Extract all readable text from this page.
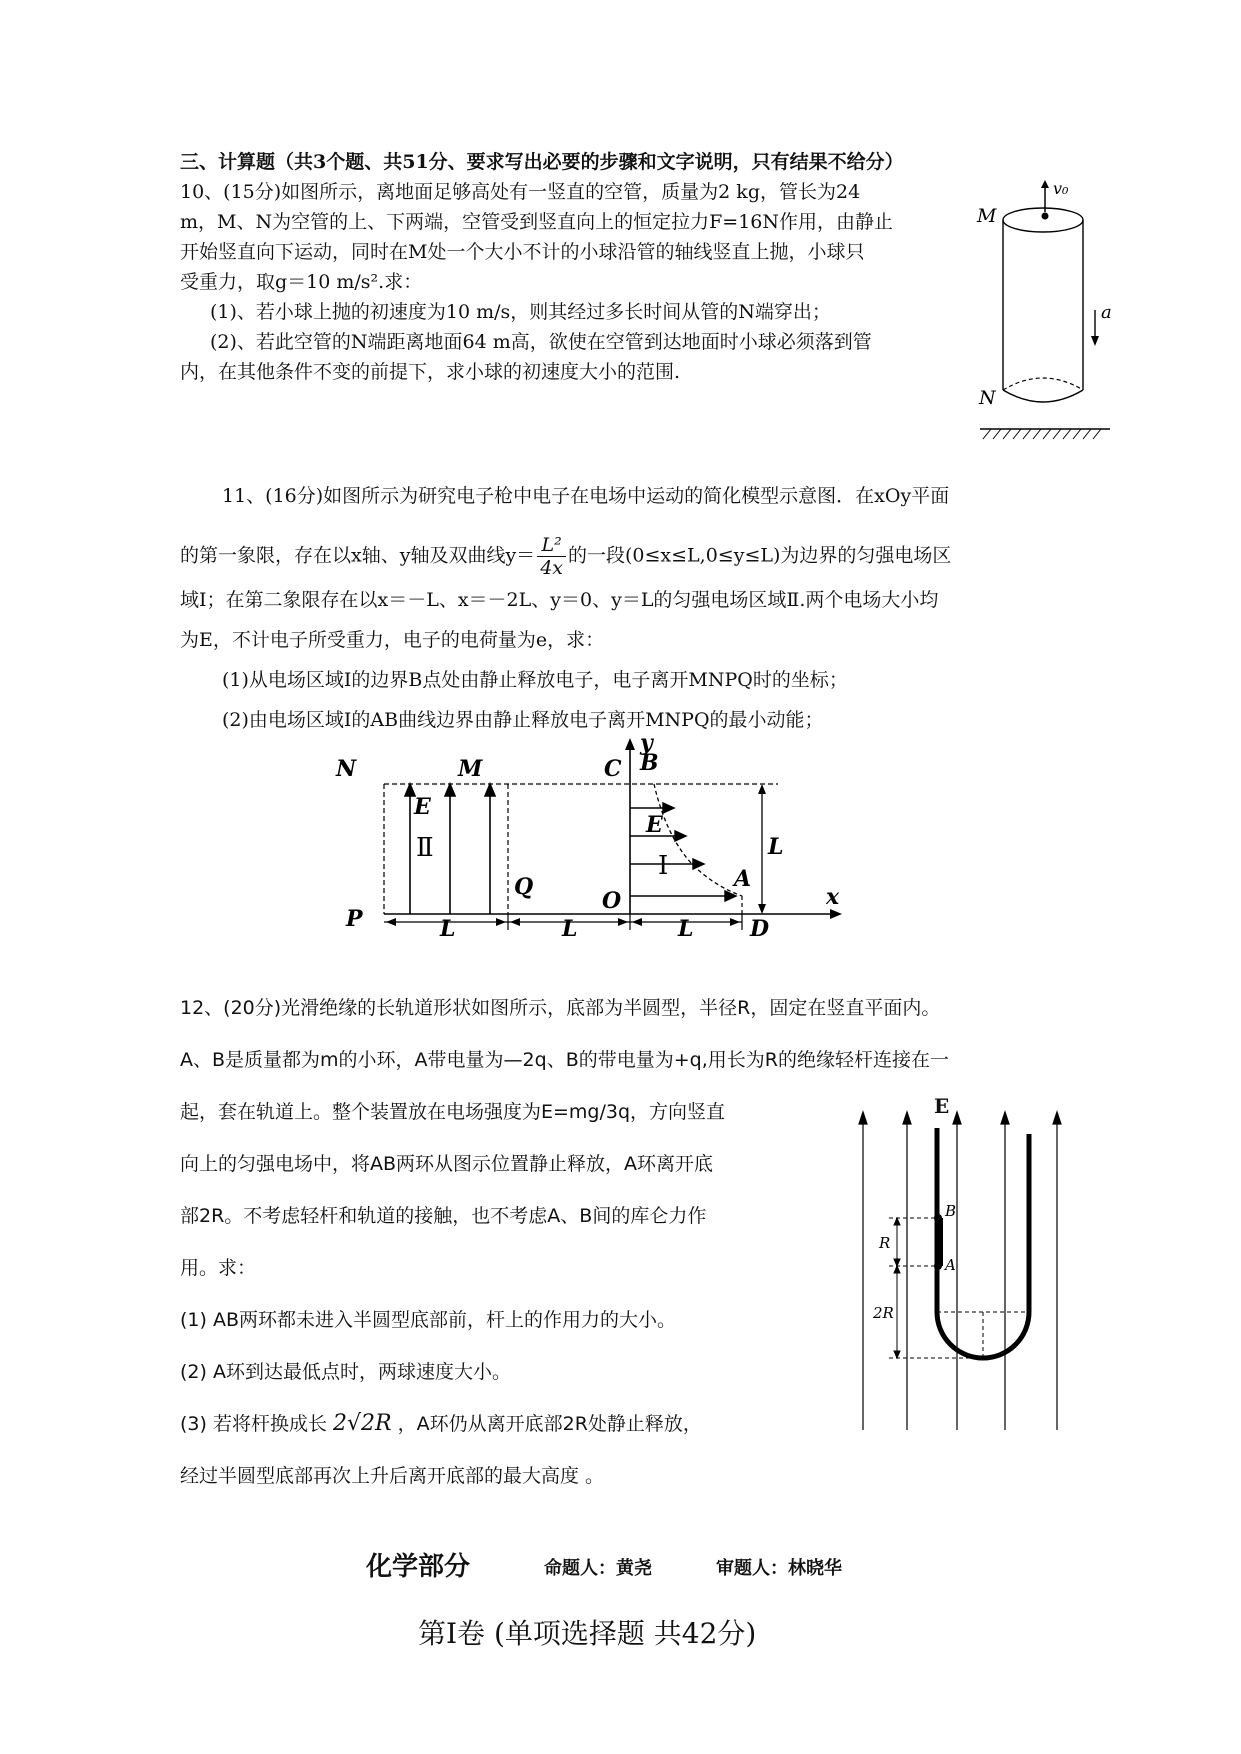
三、计算题（共3个题、共51分、要求写出必要的步骤和文字说明，只有结果不给分）
10、(15分)如图所示，离地面足够高处有一竖直的空管，质量为2 kg，管长为24
m，M、N为空管的上、下两端，空管受到竖直向上的恒定拉力F=16N作用，由静止
开始竖直向下运动，同时在M处一个大小不计的小球沿管的轴线竖直上抛，小球只
受重力，取g＝10 m/s².求：
(1)、若小球上抛的初速度为10 m/s，则其经过多长时间从管的N端穿出；
(2)、若此空管的N端距离地面64 m高，欲使在空管到达地面时小球必须落到管
内，在其他条件不变的前提下，求小球的初速度大小的范围.
v₀
M
N
a
11、(16分)如图所示为研究电子枪中电子在电场中运动的简化模型示意图．在xOy平面
的第一象限，存在以x轴、y轴及双曲线$y= \frac{\text{L²}}{4x}$ 的一段(0≤x≤L,0≤y≤L)为边界的匀强电场区
域Ⅰ；在第二象限存在以x＝－L、x＝－2L、y＝0、y＝L的匀强电场区域Ⅱ.两个电场大小均
为E，不计电子所受重力，电子的电荷量为e，求：
(1)从电场区域Ⅰ的边界B点处由静止释放电子，电子离开MNPQ时的坐标；
(2)由电场区域Ⅰ的AB曲线边界由静止释放电子离开MNPQ的最小动能；
N	M	C B
y
E
E
A
L
Q
O	x
P	D
L	L	L
Ⅱ
Ⅰ
12、(20分)光滑绝缘的长轨道形状如图所示，底部为半圆型，半径R，固定在竖直平面内。
A、B是质量都为m的小环，A带电量为—2q、B的带电量为+q,用长为R的绝缘轻杆连接在一
起，套在轨道上。整个装置放在电场强度为E=mg/3q，方向竖直
向上的匀强电场中，将AB两环从图示位置静止释放，A环离开底
部2R。不考虑轻杆和轨道的接触，也不考虑A、B间的库仑力作
用。求：
(1) AB两环都未进入半圆型底部前，杆上的作用力的大小。
(2) A环到达最低点时，两球速度大小。
(3) 若将杆换成长 2√2R ，A环仍从离开底部2R处静止释放，
经过半圆型底部再次上升后离开底部的最大高度 。
B
A
R
2R
E
化学部分	命题人：黄尧	审题人：林晓华
第Ⅰ卷 (单项选择题 共42分)
